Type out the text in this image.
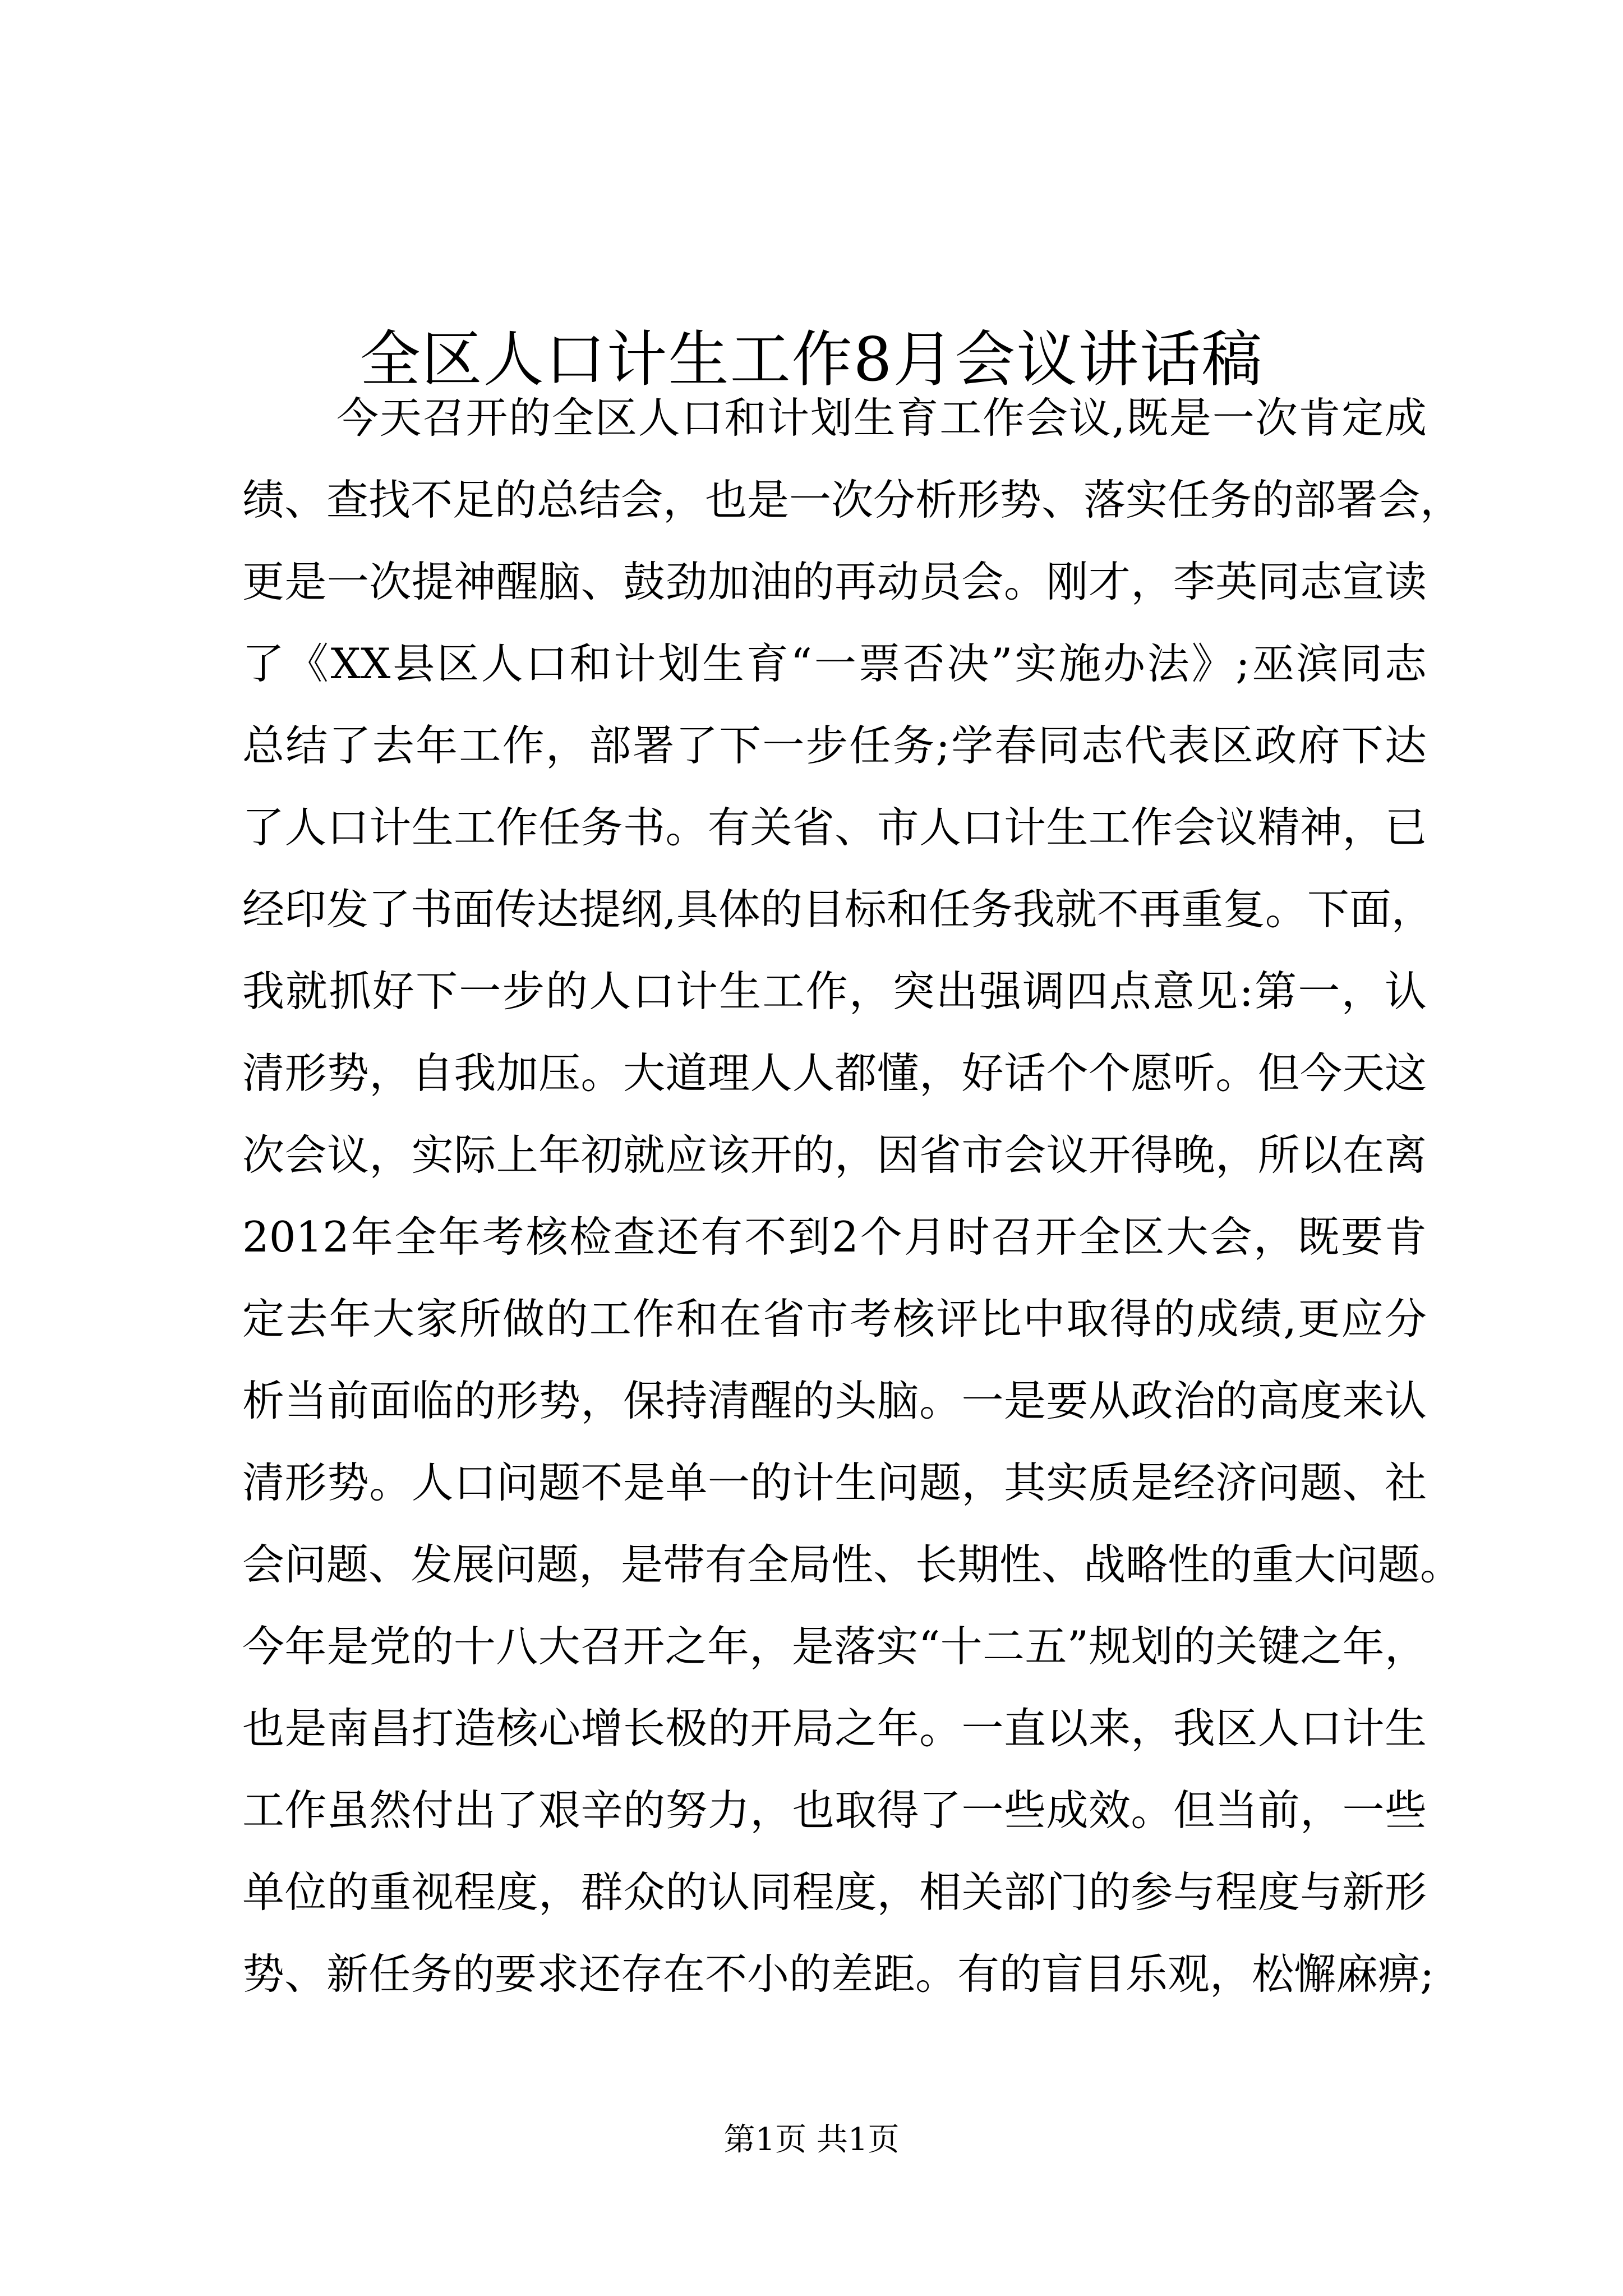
全区人口计生工作8月会议讲话稿
今天召开的全区人口和计划生育工作会议,既是一次肯定成
绩、查找不足的总结会，也是一次分析形势、落实任务的部署会，
更是一次提神醒脑、鼓劲加油的再动员会。刚才，李英同志宣读
了《XX县区人口和计划生育“一票否决”实施办法》;巫滨同志
总结了去年工作，部署了下一步任务;学春同志代表区政府下达
了人口计生工作任务书。有关省、市人口计生工作会议精神，已
经印发了书面传达提纲,具体的目标和任务我就不再重复。下面，
我就抓好下一步的人口计生工作，突出强调四点意见:第一，认
清形势，自我加压。大道理人人都懂，好话个个愿听。但今天这
次会议，实际上年初就应该开的，因省市会议开得晚，所以在离
2012年全年考核检查还有不到2个月时召开全区大会，既要肯
定去年大家所做的工作和在省市考核评比中取得的成绩,更应分
析当前面临的形势，保持清醒的头脑。一是要从政治的高度来认
清形势。人口问题不是单一的计生问题，其实质是经济问题、社
会问题、发展问题，是带有全局性、长期性、战略性的重大问题。
今年是党的十八大召开之年，是落实“十二五”规划的关键之年，
也是南昌打造核心增长极的开局之年。一直以来，我区人口计生
工作虽然付出了艰辛的努力，也取得了一些成效。但当前，一些
单位的重视程度，群众的认同程度，相关部门的参与程度与新形
势、新任务的要求还存在不小的差距。有的盲目乐观，松懈麻痹;
第1页 共1页
